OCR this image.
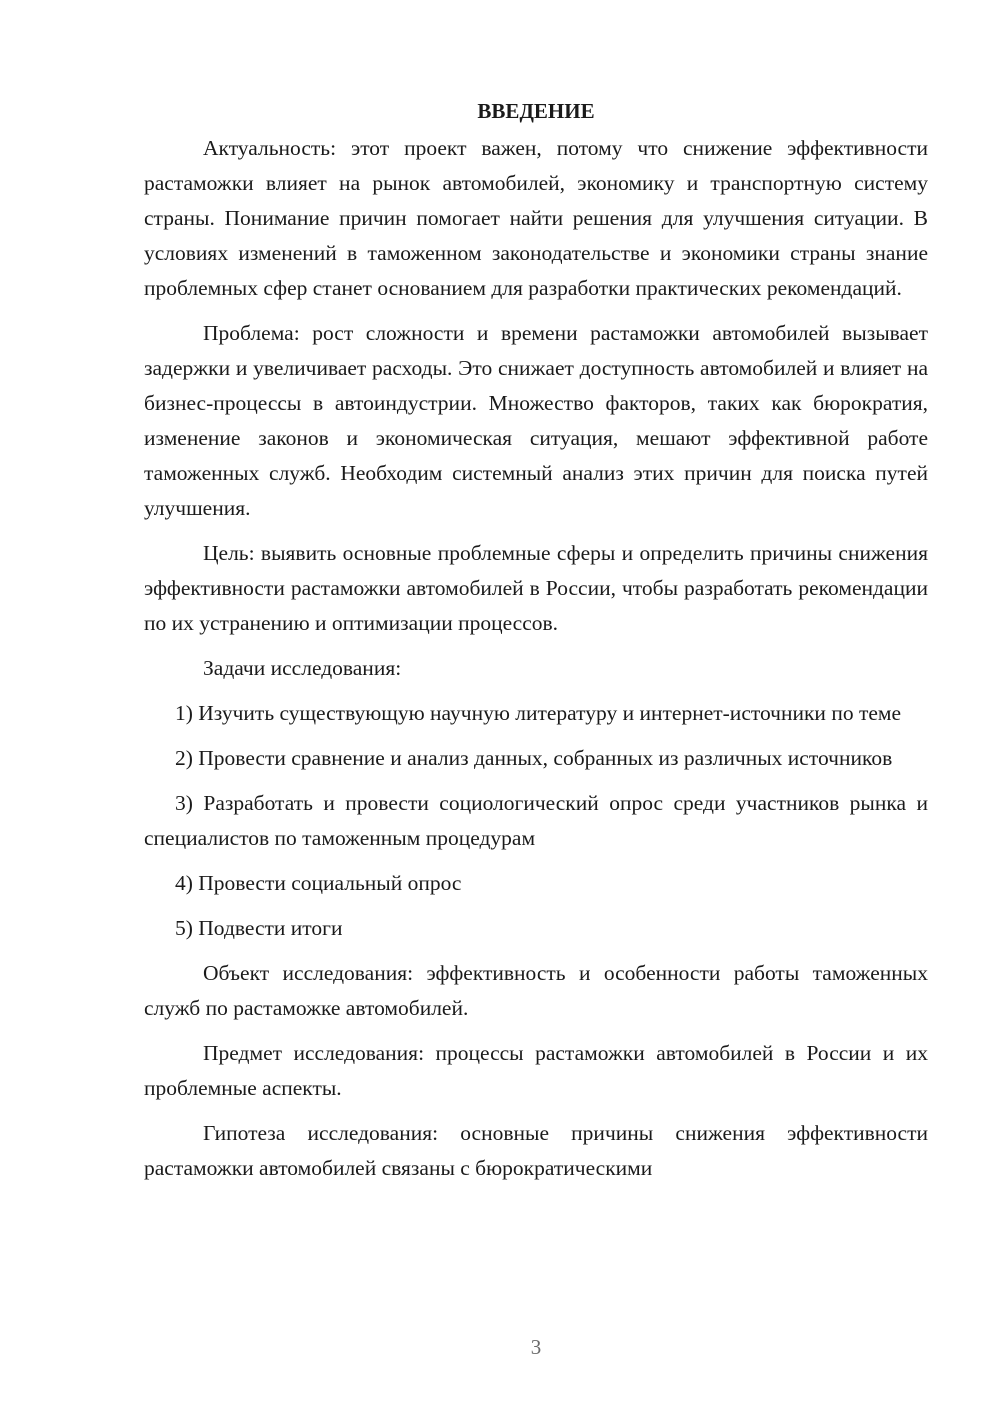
ВВЕДЕНИЕ

Актуальность: этот проект важен, потому что снижение эффективности растаможки влияет на рынок автомобилей, экономику и транспортную систему страны. Понимание причин помогает найти решения для улучшения ситуации. В условиях изменений в таможенном законодательстве и экономики страны знание проблемных сфер станет основанием для разработки практических рекомендаций.

Проблема: рост сложности и времени растаможки автомобилей вызывает задержки и увеличивает расходы. Это снижает доступность автомобилей и влияет на бизнес-процессы в автоиндустрии. Множество факторов, таких как бюрократия, изменение законов и экономическая ситуация, мешают эффективной работе таможенных служб. Необходим системный анализ этих причин для поиска путей улучшения.

Цель: выявить основные проблемные сферы и определить причины снижения эффективности растаможки автомобилей в России, чтобы разработать рекомендации по их устранению и оптимизации процессов.

Задачи исследования:

1) Изучить существующую научную литературу и интернет-источники по теме

2) Провести сравнение и анализ данных, собранных из различных источников

3) Разработать и провести социологический опрос среди участников рынка и специалистов по таможенным процедурам

4) Провести социальный опрос

5) Подвести итоги

Объект исследования: эффективность и особенности работы таможенных служб по растаможке автомобилей.

Предмет исследования: процессы растаможки автомобилей в России и их проблемные аспекты.

Гипотеза исследования: основные причины снижения эффективности растаможки автомобилей связаны с бюрократическими

3
